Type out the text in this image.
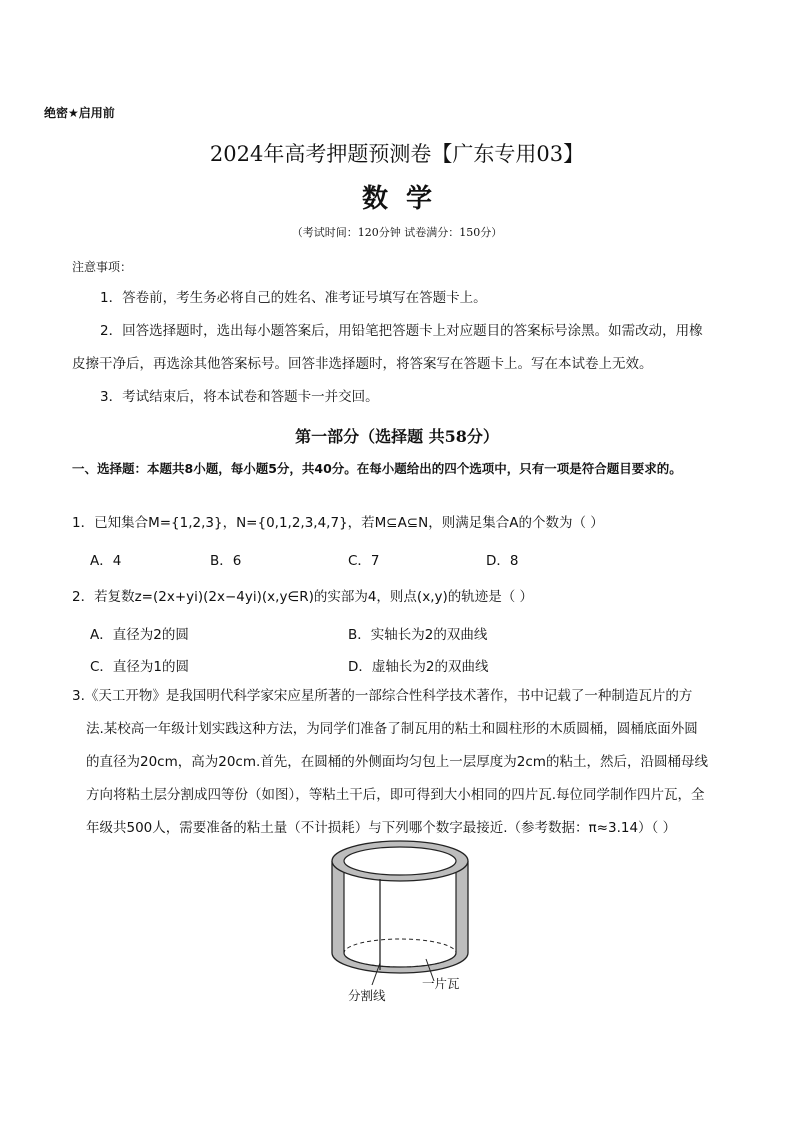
绝密★启用前
2024年高考押题预测卷【广东专用03】
数学
（考试时间：120分钟 试卷满分：150分）
注意事项：
1．答卷前，考生务必将自己的姓名、准考证号填写在答题卡上。
2．回答选择题时，选出每小题答案后，用铅笔把答题卡上对应题目的答案标号涂黑。如需改动，用橡
皮擦干净后，再选涂其他答案标号。回答非选择题时，将答案写在答题卡上。写在本试卷上无效。
3．考试结束后，将本试卷和答题卡一并交回。
第一部分（选择题 共58分）
一、选择题：本题共8小题，每小题5分，共40分。在每小题给出的四个选项中，只有一项是符合题目要求的。
1．已知集合M={1,2,3}，N={0,1,2,3,4,7}，若M⊆A⊆N，则满足集合A的个数为（ ）
A．4	B．6	C．7	D．8
2．若复数z=(2x+yi)(2x−4yi)(x,y∈R)的实部为4，则点(x,y)的轨迹是（ ）
A．直径为2的圆	B．实轴长为2的双曲线
C．直径为1的圆	D．虚轴长为2的双曲线
3.《天工开物》是我国明代科学家宋应星所著的一部综合性科学技术著作，书中记载了一种制造瓦片的方
法.某校高一年级计划实践这种方法，为同学们准备了制瓦用的粘土和圆柱形的木质圆桶，圆桶底面外圆
的直径为20cm，高为20cm.首先，在圆桶的外侧面均匀包上一层厚度为2cm的粘土，然后，沿圆桶母线
方向将粘土层分割成四等份（如图），等粘土干后，即可得到大小相同的四片瓦.每位同学制作四片瓦，全
年级共500人，需要准备的粘土量（不计损耗）与下列哪个数字最接近.（参考数据：π≈3.14）（ ）
分割线
一片瓦
